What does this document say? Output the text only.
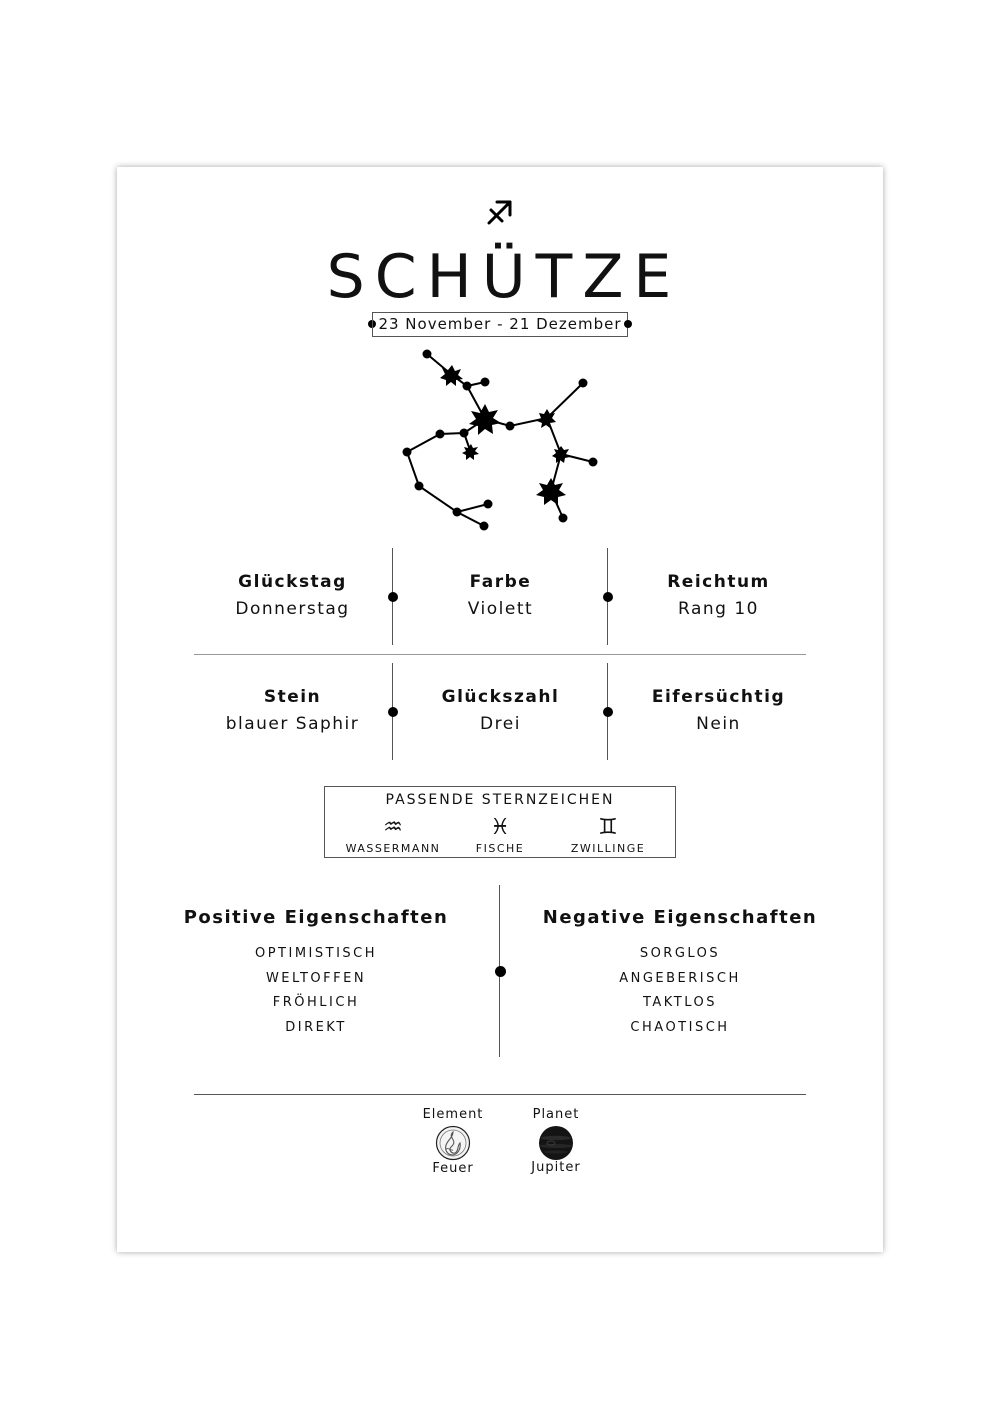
SCHÜTZE
23 November - 21 Dezember
Glückstag
Donnerstag
Farbe
Violett
Reichtum
Rang 10
Stein
blauer Saphir
Glückszahl
Drei
Eifersüchtig
Nein
PASSENDE STERNZEICHEN
♒
WASSERMANN
♓
FISCHE
♊
ZWILLINGE
Positive Eigenschaften
OPTIMISTISCH
WELTOFFEN
FRÖHLICH
DIREKT
Negative Eigenschaften
SORGLOS
ANGEBERISCH
TAKTLOS
CHAOTISCH
Element
Feuer
Planet
Jupiter
